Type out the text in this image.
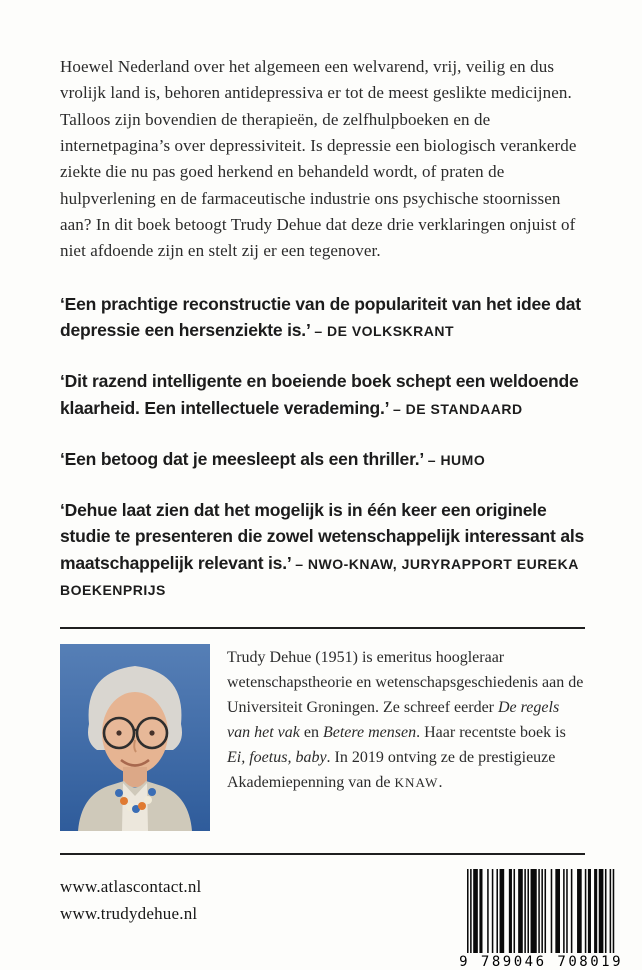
Hoewel Nederland over het algemeen een welvarend, vrij, veilig en dus vrolijk land is, behoren antidepressiva er tot de meest geslikte medicijnen. Talloos zijn bovendien de therapieën, de zelfhulpboeken en de internetpagina’s over depressiviteit. Is depressie een biologisch verankerde ziekte die nu pas goed herkend en behandeld wordt, of praten de hulpverlening en de farmaceutische industrie ons psychische stoornissen aan? In dit boek betoogt Trudy Dehue dat deze drie verklaringen onjuist of niet afdoende zijn en stelt zij er een tegenover.

‘Een prachtige reconstructie van de populariteit van het idee dat depressie een hersenziekte is.’ – DE VOLKSKRANT

‘Dit razend intelligente en boeiende boek schept een weldoende klaarheid. Een intellectuele verademing.’ – DE STANDAARD

‘Een betoog dat je meesleept als een thriller.’ – HUMO

‘Dehue laat zien dat het mogelijk is in één keer een originele studie te presenteren die zowel wetenschappelijk interessant als maatschappelijk relevant is.’ – NWO-KNAW, JURYRAPPORT EUREKA BOEKENPRIJS

Trudy Dehue (1951) is emeritus hoogleraar wetenschapstheorie en wetenschapsgeschiedenis aan de Universiteit Groningen. Ze schreef eerder De regels van het vak en Betere mensen. Haar recentste boek is Ei, foetus, baby. In 2019 ontving ze de prestigieuze Akademiepenning van de KNAW.

www.atlascontact.nl
www.trudydehue.nl
9 789046 708019
